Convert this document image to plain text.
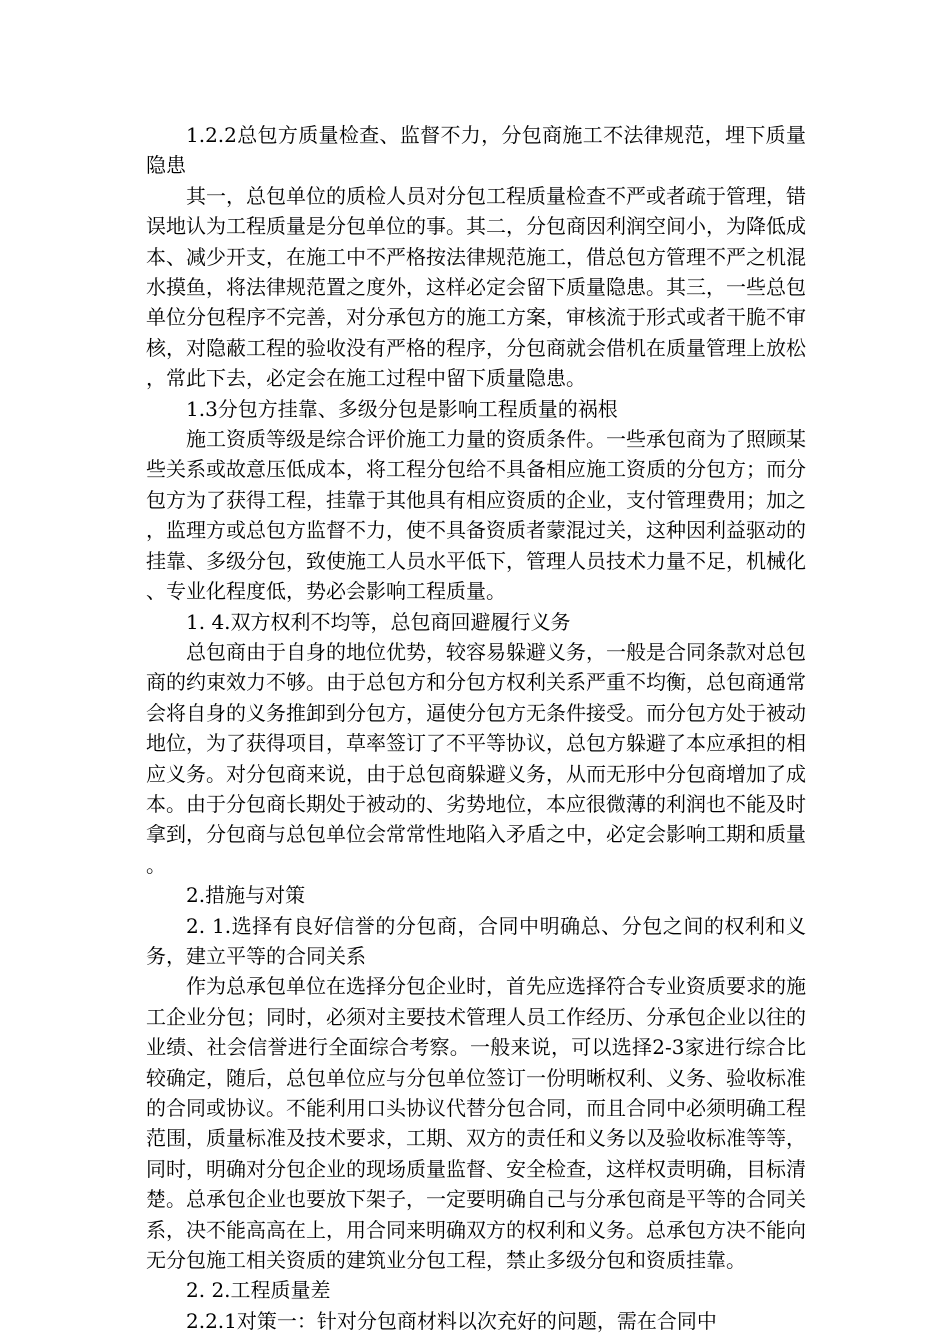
1.2.2总包方质量检查、监督不力，分包商施工不法律规范，埋下质量隐患

其一，总包单位的质检人员对分包工程质量检查不严或者疏于管理，错误地认为工程质量是分包单位的事。其二，分包商因利润空间小，为降低成本、减少开支，在施工中不严格按法律规范施工，借总包方管理不严之机混水摸鱼，将法律规范置之度外，这样必定会留下质量隐患。其三，一些总包单位分包程序不完善，对分承包方的施工方案，审核流于形式或者干脆不审核，对隐蔽工程的验收没有严格的程序，分包商就会借机在质量管理上放松，常此下去，必定会在施工过程中留下质量隐患。

1.3分包方挂靠、多级分包是影响工程质量的祸根

施工资质等级是综合评价施工力量的资质条件。一些承包商为了照顾某些关系或故意压低成本，将工程分包给不具备相应施工资质的分包方；而分包方为了获得工程，挂靠于其他具有相应资质的企业，支付管理费用；加之，监理方或总包方监督不力，使不具备资质者蒙混过关，这种因利益驱动的挂靠、多级分包，致使施工人员水平低下，管理人员技术力量不足，机械化、专业化程度低，势必会影响工程质量。

1. 4.双方权利不均等，总包商回避履行义务

总包商由于自身的地位优势，较容易躲避义务，一般是合同条款对总包商的约束效力不够。由于总包方和分包方权利关系严重不均衡，总包商通常会将自身的义务推卸到分包方，逼使分包方无条件接受。而分包方处于被动地位，为了获得项目，草率签订了不平等协议，总包方躲避了本应承担的相应义务。对分包商来说，由于总包商躲避义务，从而无形中分包商增加了成本。由于分包商长期处于被动的、劣势地位，本应很微薄的利润也不能及时拿到，分包商与总包单位会常常性地陷入矛盾之中，必定会影响工期和质量。

2.措施与对策

2. 1.选择有良好信誉的分包商，合同中明确总、分包之间的权利和义务，建立平等的合同关系

作为总承包单位在选择分包企业时，首先应选择符合专业资质要求的施工企业分包；同时，必须对主要技术管理人员工作经历、分承包企业以往的业绩、社会信誉进行全面综合考察。一般来说，可以选择2-3家进行综合比较确定，随后，总包单位应与分包单位签订一份明晰权利、义务、验收标准的合同或协议。不能利用口头协议代替分包合同，而且合同中必须明确工程范围，质量标准及技术要求，工期、双方的责任和义务以及验收标准等等，同时，明确对分包企业的现场质量监督、安全检查，这样权责明确，目标清楚。总承包企业也要放下架子，一定要明确自己与分承包商是平等的合同关系，决不能高高在上，用合同来明确双方的权利和义务。总承包方决不能向无分包施工相关资质的建筑业分包工程，禁止多级分包和资质挂靠。

2. 2.工程质量差

2.2.1对策一：针对分包商材料以次充好的问题，需在合同中
